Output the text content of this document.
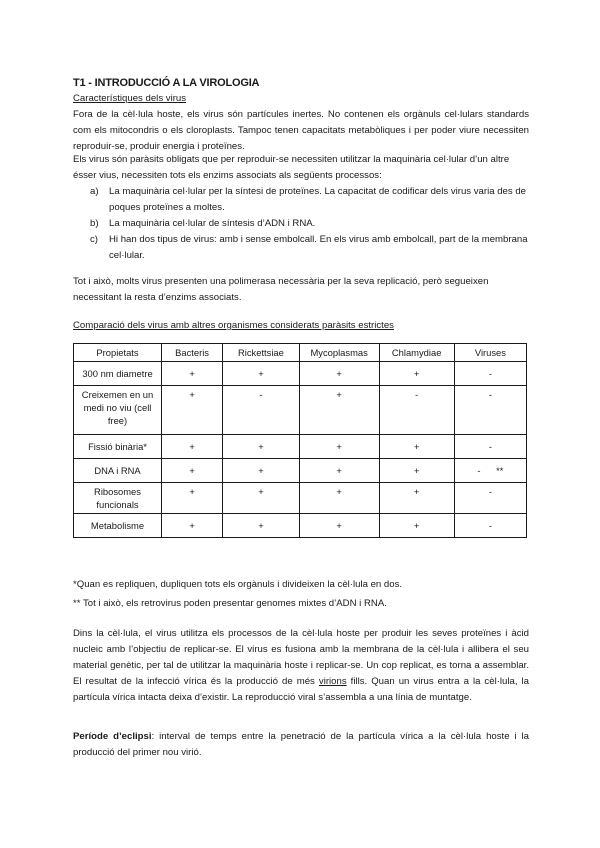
T1 - INTRODUCCIÓ A LA VIROLOGIA

Característiques dels virus

Fora de la cèl·lula hoste, els virus són partícules inertes. No contenen els orgànuls cel·lulars standards com els mitocondris o els cloroplasts. Tampoc tenen capacitats metabòliques i per poder viure necessiten reproduir-se, produir energia i proteïnes.

Els virus són paràsits obligats que per reproduir-se necessiten utilitzar la maquinària cel·lular d’un altre ésser vius, necessiten tots els enzims associats als següents processos:

a) La maquinària cel·lular per la síntesi de proteïnes. La capacitat de codificar dels virus varia des de poques proteïnes a moltes.
b) La maquinària cel·lular de síntesis d’ADN i RNA.
c) Hi han dos tipus de virus: amb i sense embolcall. En els virus amb embolcall, part de la membrana cel·lular.

Tot i això, molts virus presenten una polimerasa necessària per la seva replicació, però segueixen necessitant la resta d’enzims associats.

Comparació dels virus amb altres organismes considerats paràsits estrictes

Propietats	Bacteris	Rickettsiae	Mycoplasmas	Chlamydiae	Viruses
300 nm diametre	+	+	+	+	-
Creixemen en un medi no viu (cell free)	+	-	+	-	-
Fissió binària*	+	+	+	+	-
DNA i RNA	+	+	+	+	-      **
Ribosomes funcionals	+	+	+	+	-
Metabolisme	+	+	+	+	-

*Quan es repliquen, dupliquen tots els orgànuls i divideixen la cèl·lula en dos.

** Tot i això, els retrovirus poden presentar genomes mixtes d’ADN i RNA.

Dins la cèl·lula, el virus utilitza els processos de la cèl·lula hoste per produir les seves proteïnes i àcid nucleic amb l’objectiu de replicar-se. El virus es fusiona amb la membrana de la cèl·lula i allibera el seu material genètic, per tal de utilitzar la maquinària hoste i replicar-se. Un cop replicat, es torna a assemblar. El resultat de la infecció vírica és la producció de més virions fills. Quan un virus entra a la cèl·lula, la partícula vírica intacta deixa d’existir. La reproducció viral s’assembla a una línia de muntatge.

Període d’eclipsi: interval de temps entre la penetració de la partícula vírica a la cèl·lula hoste i la producció del primer nou virió.
